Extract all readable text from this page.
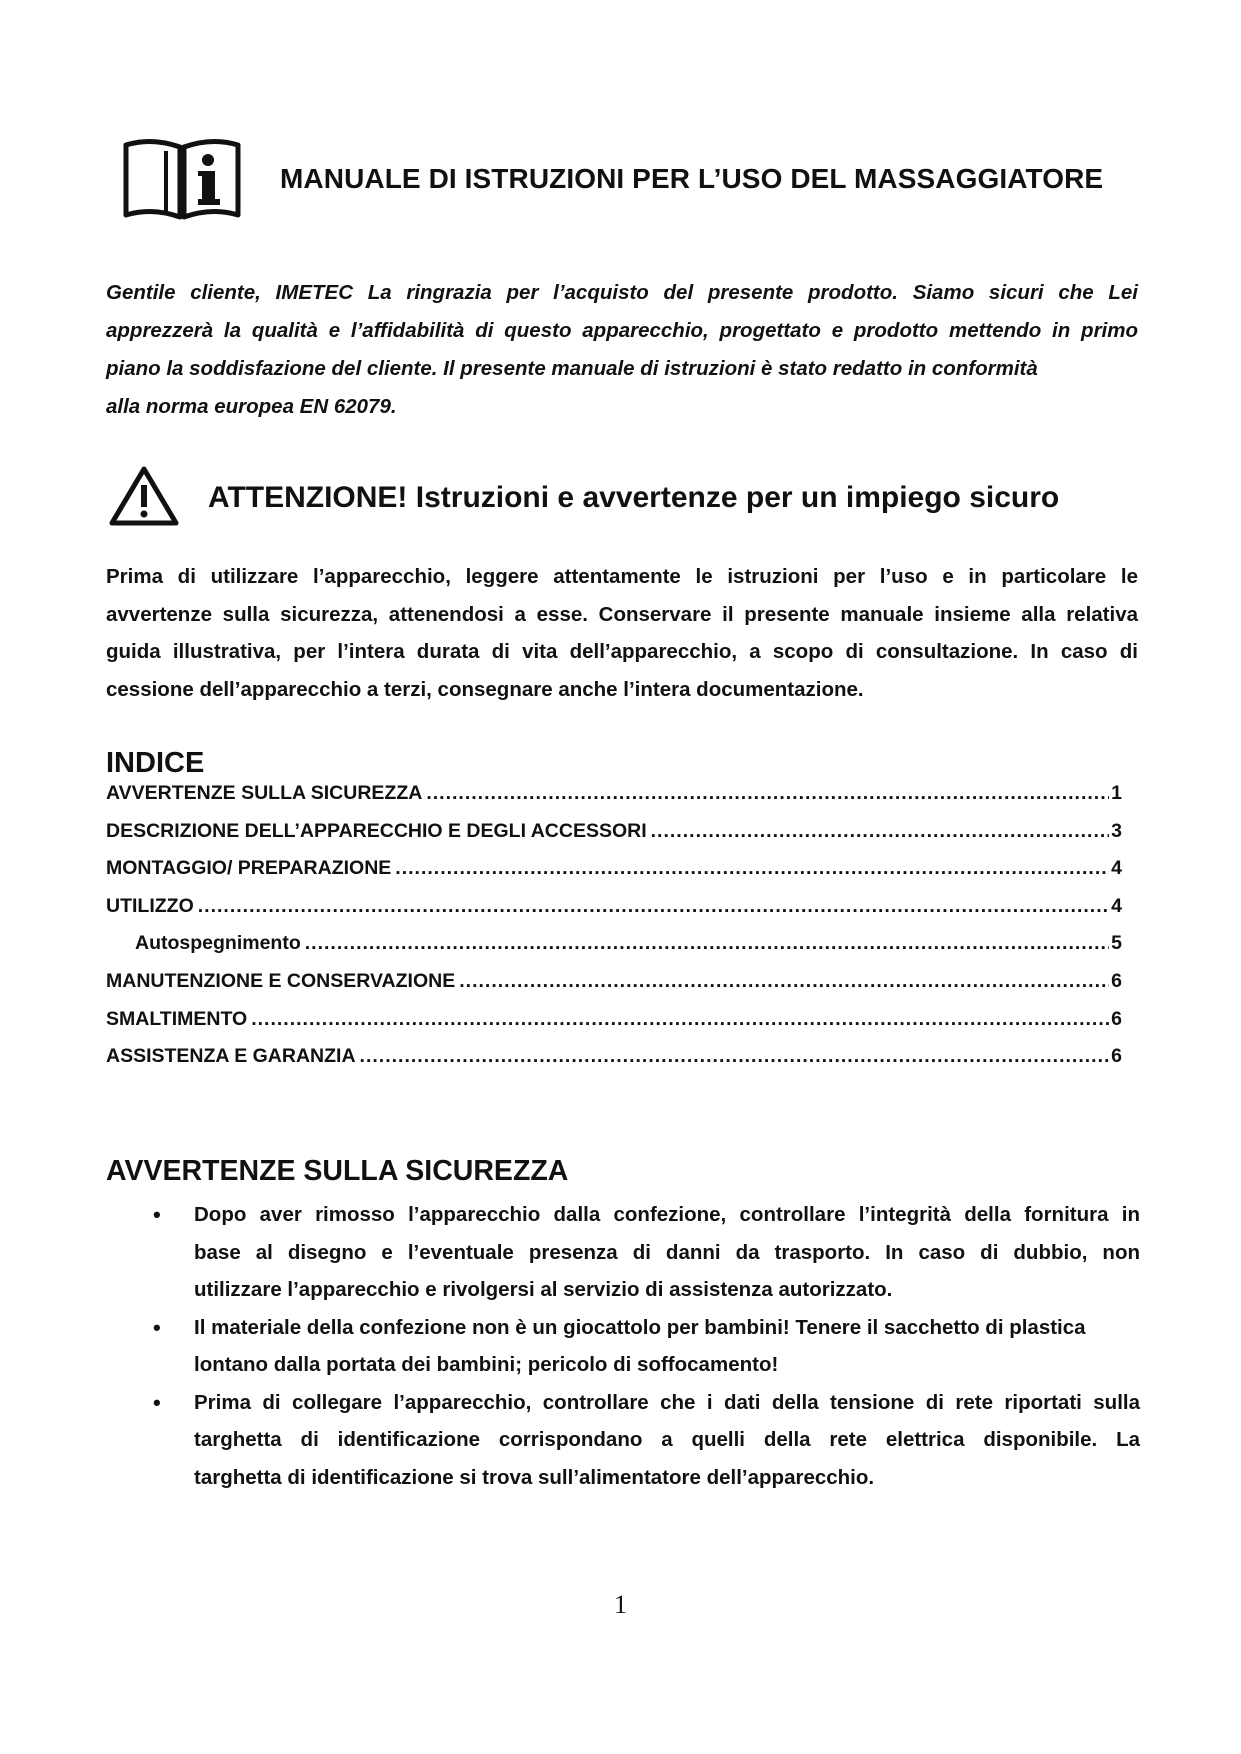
MANUALE DI ISTRUZIONI PER L’USO DEL MASSAGGIATORE
Gentile cliente, IMETEC La ringrazia per l’acquisto del presente prodotto. Siamo sicuri che Lei
apprezzerà la qualità e l’affidabilità di questo apparecchio, progettato e prodotto mettendo in primo
piano la soddisfazione del cliente. Il presente manuale di istruzioni è stato redatto in conformità
alla norma europea EN 62079.
ATTENZIONE! Istruzioni e avvertenze per un impiego sicuro
Prima di utilizzare l’apparecchio, leggere attentamente le istruzioni per l’uso e in particolare le
avvertenze sulla sicurezza, attenendosi a esse. Conservare il presente manuale insieme alla relativa
guida illustrativa, per l’intera durata di vita dell’apparecchio, a scopo di consultazione. In caso di
cessione dell’apparecchio a terzi, consegnare anche l’intera documentazione.
INDICE
AVVERTENZE SULLA SICUREZZA .....	1
DESCRIZIONE DELL’APPARECCHIO E DEGLI ACCESSORI .....	3
MONTAGGIO/ PREPARAZIONE .....	4
UTILIZZO .....	4
Autospegnimento .....	5
MANUTENZIONE E CONSERVAZIONE .....	6
SMALTIMENTO .....	6
ASSISTENZA E GARANZIA .....	6
AVVERTENZE SULLA SICUREZZA
• Dopo aver rimosso l’apparecchio dalla confezione, controllare l’integrità della fornitura in
base al disegno e l’eventuale presenza di danni da trasporto. In caso di dubbio, non
utilizzare l’apparecchio e rivolgersi al servizio di assistenza autorizzato.
• Il materiale della confezione non è un giocattolo per bambini! Tenere il sacchetto di plastica
lontano dalla portata dei bambini; pericolo di soffocamento!
• Prima di collegare l’apparecchio, controllare che i dati della tensione di rete riportati sulla
targhetta di identificazione corrispondano a quelli della rete elettrica disponibile. La
targhetta di identificazione si trova sull’alimentatore dell’apparecchio.
1
